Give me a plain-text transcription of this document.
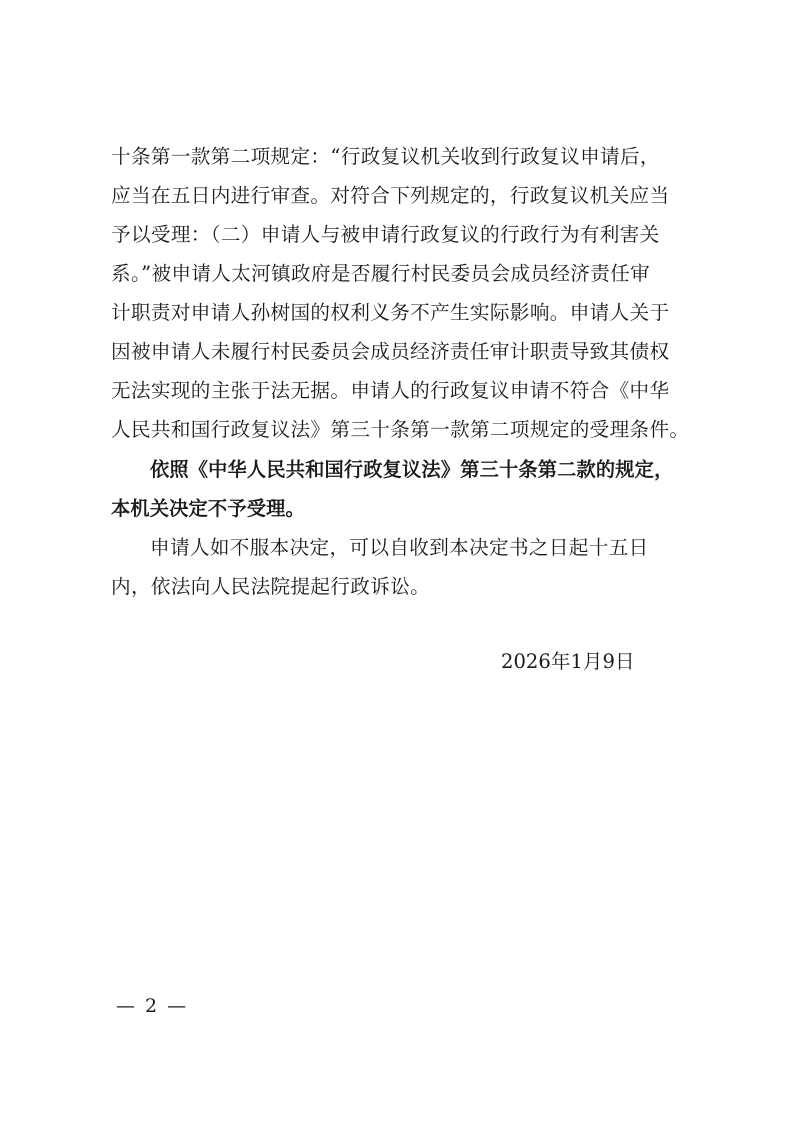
十条第一款第二项规定：“行政复议机关收到行政复议申请后，
应当在五日内进行审查。对符合下列规定的，行政复议机关应当
予以受理：（二）申请人与被申请行政复议的行政行为有利害关
系。”被申请人太河镇政府是否履行村民委员会成员经济责任审
计职责对申请人孙树国的权利义务不产生实际影响。申请人关于
因被申请人未履行村民委员会成员经济责任审计职责导致其债权
无法实现的主张于法无据。申请人的行政复议申请不符合《中华
人民共和国行政复议法》第三十条第一款第二项规定的受理条件。
依照《中华人民共和国行政复议法》第三十条第二款的规定，
本机关决定不予受理。
申请人如不服本决定，可以自收到本决定书之日起十五日
内，依法向人民法院提起行政诉讼。
2026年1月9日
— 2 —
